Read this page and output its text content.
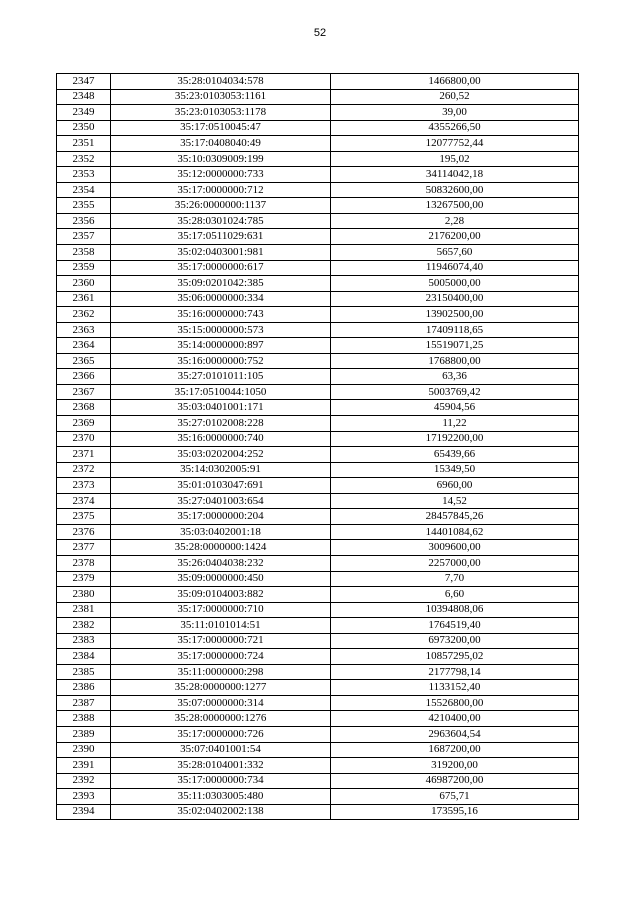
52
2347	35:28:0104034:578	1466800,00
2348	35:23:0103053:1161	260,52
2349	35:23:0103053:1178	39,00
2350	35:17:0510045:47	4355266,50
2351	35:17:0408040:49	12077752,44
2352	35:10:0309009:199	195,02
2353	35:12:0000000:733	34114042,18
2354	35:17:0000000:712	50832600,00
2355	35:26:0000000:1137	13267500,00
2356	35:28:0301024:785	2,28
2357	35:17:0511029:631	2176200,00
2358	35:02:0403001:981	5657,60
2359	35:17:0000000:617	11946074,40
2360	35:09:0201042:385	5005000,00
2361	35:06:0000000:334	23150400,00
2362	35:16:0000000:743	13902500,00
2363	35:15:0000000:573	17409118,65
2364	35:14:0000000:897	15519071,25
2365	35:16:0000000:752	1768800,00
2366	35:27:0101011:105	63,36
2367	35:17:0510044:1050	5003769,42
2368	35:03:0401001:171	45904,56
2369	35:27:0102008:228	11,22
2370	35:16:0000000:740	17192200,00
2371	35:03:0202004:252	65439,66
2372	35:14:0302005:91	15349,50
2373	35:01:0103047:691	6960,00
2374	35:27:0401003:654	14,52
2375	35:17:0000000:204	28457845,26
2376	35:03:0402001:18	14401084,62
2377	35:28:0000000:1424	3009600,00
2378	35:26:0404038:232	2257000,00
2379	35:09:0000000:450	7,70
2380	35:09:0104003:882	6,60
2381	35:17:0000000:710	10394808,06
2382	35:11:0101014:51	1764519,40
2383	35:17:0000000:721	6973200,00
2384	35:17:0000000:724	10857295,02
2385	35:11:0000000:298	2177798,14
2386	35:28:0000000:1277	1133152,40
2387	35:07:0000000:314	15526800,00
2388	35:28:0000000:1276	4210400,00
2389	35:17:0000000:726	2963604,54
2390	35:07:0401001:54	1687200,00
2391	35:28:0104001:332	319200,00
2392	35:17:0000000:734	46987200,00
2393	35:11:0303005:480	675,71
2394	35:02:0402002:138	173595,16
